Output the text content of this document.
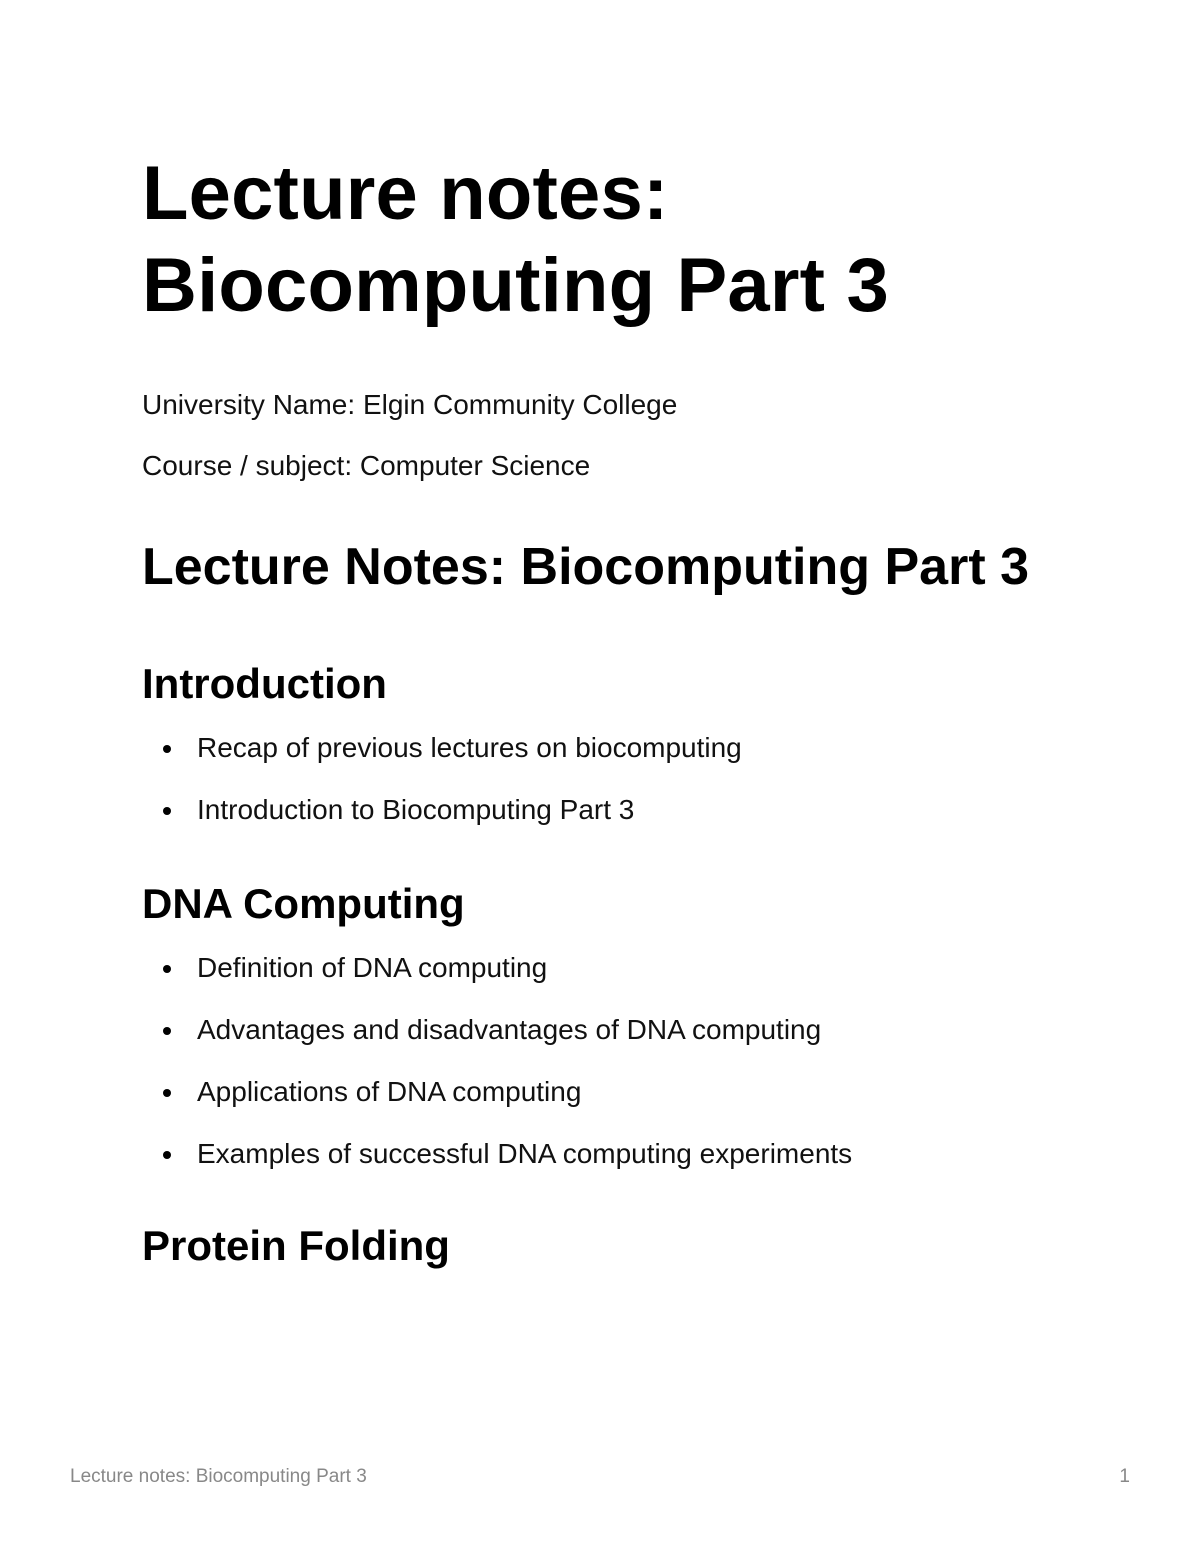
Lecture notes:
Biocomputing Part 3

University Name: Elgin Community College

Course / subject: Computer Science

Lecture Notes: Biocomputing Part 3
Introduction
Recap of previous lectures on biocomputing
Introduction to Biocomputing Part 3
DNA Computing
Definition of DNA computing
Advantages and disadvantages of DNA computing
Applications of DNA computing
Examples of successful DNA computing experiments
Protein Folding
Lecture notes: Biocomputing Part 3	1
